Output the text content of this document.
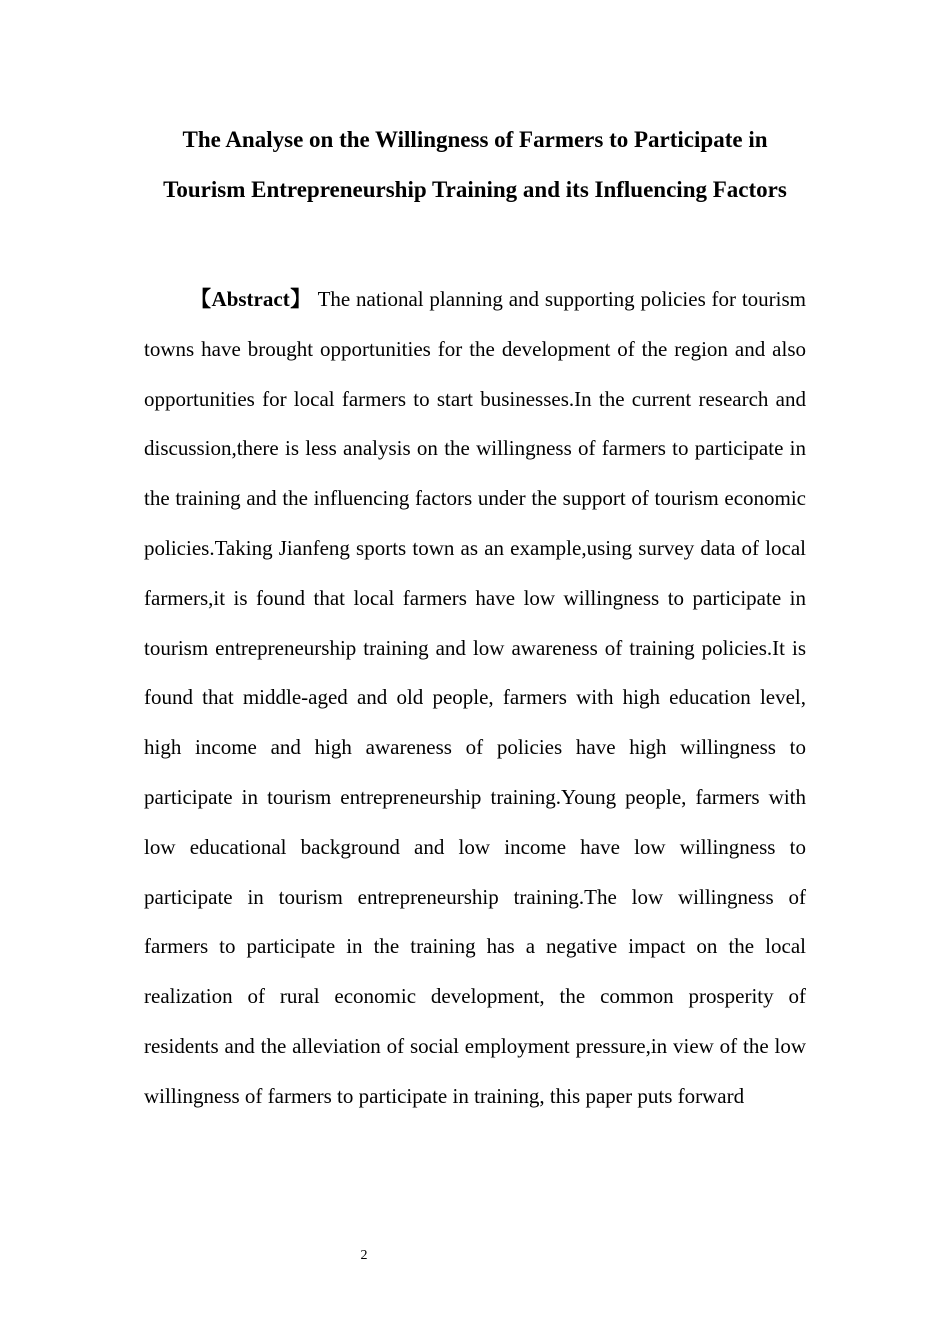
The Analyse on the Willingness of Farmers to Participate in Tourism Entrepreneurship Training and its Influencing Factors

【Abstract】 The national planning and supporting policies for tourism towns have brought opportunities for the development of the region and also opportunities for local farmers to start businesses.In the current research and discussion,there is less analysis on the willingness of farmers to participate in the training and the influencing factors under the support of tourism economic policies.Taking Jianfeng sports town as an example,using survey data of local farmers,it is found that local farmers have low willingness to participate in tourism entrepreneurship training and low awareness of training policies.It is found that middle-aged and old people, farmers with high education level, high income and high awareness of policies have high willingness to participate in tourism entrepreneurship training.Young people, farmers with low educational background and low income have low willingness to participate in tourism entrepreneurship training.The low willingness of farmers to participate in the training has a negative impact on the local realization of rural economic development, the common prosperity of residents and the alleviation of social employment pressure,in view of the low willingness of farmers to participate in training, this paper puts forward

2
